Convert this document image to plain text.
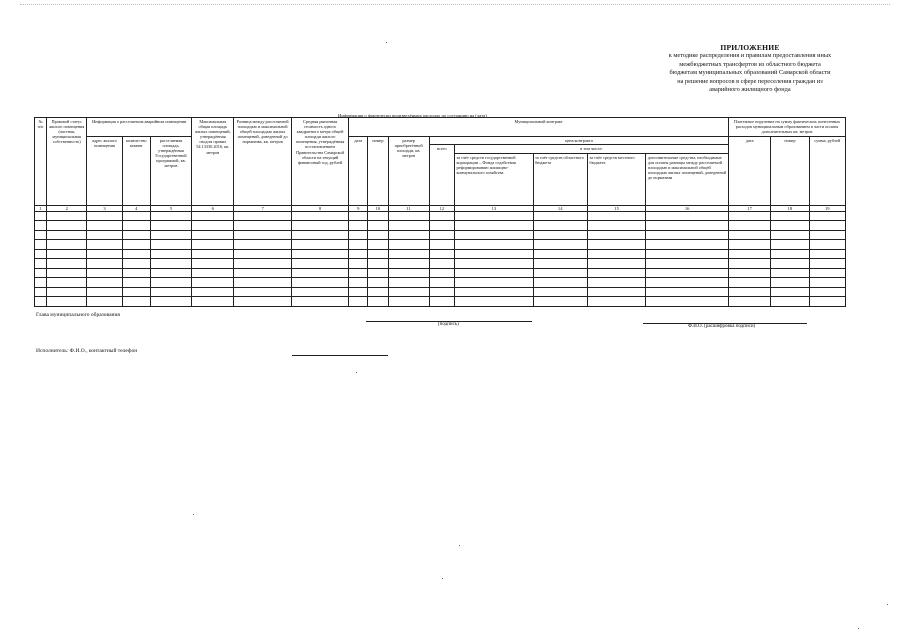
ПРИЛОЖЕНИЕ
к методике распределения и правилам предоставления иных
межбюджетных трансфертов из областного бюджета
бюджетам муниципальных образований Самарской области
на решение вопросов в сфере переселения граждан из
аварийного жилищного фонда
Информация о фактически произведённых расходах по состоянию на (дата)
№ п/п	Правовой статус жилого помещения (частная, муниципальная собственность)	Информация о расселяемом аварийном помещении			Максимальная общая площадь жилых помещений, утверждённая сводом правил 54.13330.2016, кв. метров	Разница между расселяемой площадью и максимальной общей площадью жилых помещений, доведенной до норматива, кв. метров	Средняя рыночная стоимость одного квадратного метра общей площади жилого помещения, утверждённая постановлением Правительства Самарской области на текущий финансовый год, рублей	Муниципальный контракт								Платежное поручение на сумму фактических понесенных расходов муниципальным образованием в части оплаты дополнительных кв. метров		
		адрес жилого помещения	количество комнат	расселяемая площадь, утверждённая Государственной программой, кв. метров				дата	номер	размер приобретённой площади, кв. метров	цена контракта					дата	номер	сумма, рублей
											всего	в том числе:						
												за счёт средств государственной корпорации – Фонда содействия реформированию жилищно-коммунального хозяйства	за счёт средств областного бюджета	за счёт средств местного бюджета	дополнительные средства, необходимые для оплаты разницы между расселяемой площадью и максимальной общей площадью жилых помещений, доведенной до норматива			
1	2	3	4	5	6	7	8	9	10	11	12	13	14	15	16	17	18	19

Глава муниципального образования
(подпись)	Ф.И.О. (расшифровка подписи)
Исполнитель: Ф.И.О., контактный телефон
